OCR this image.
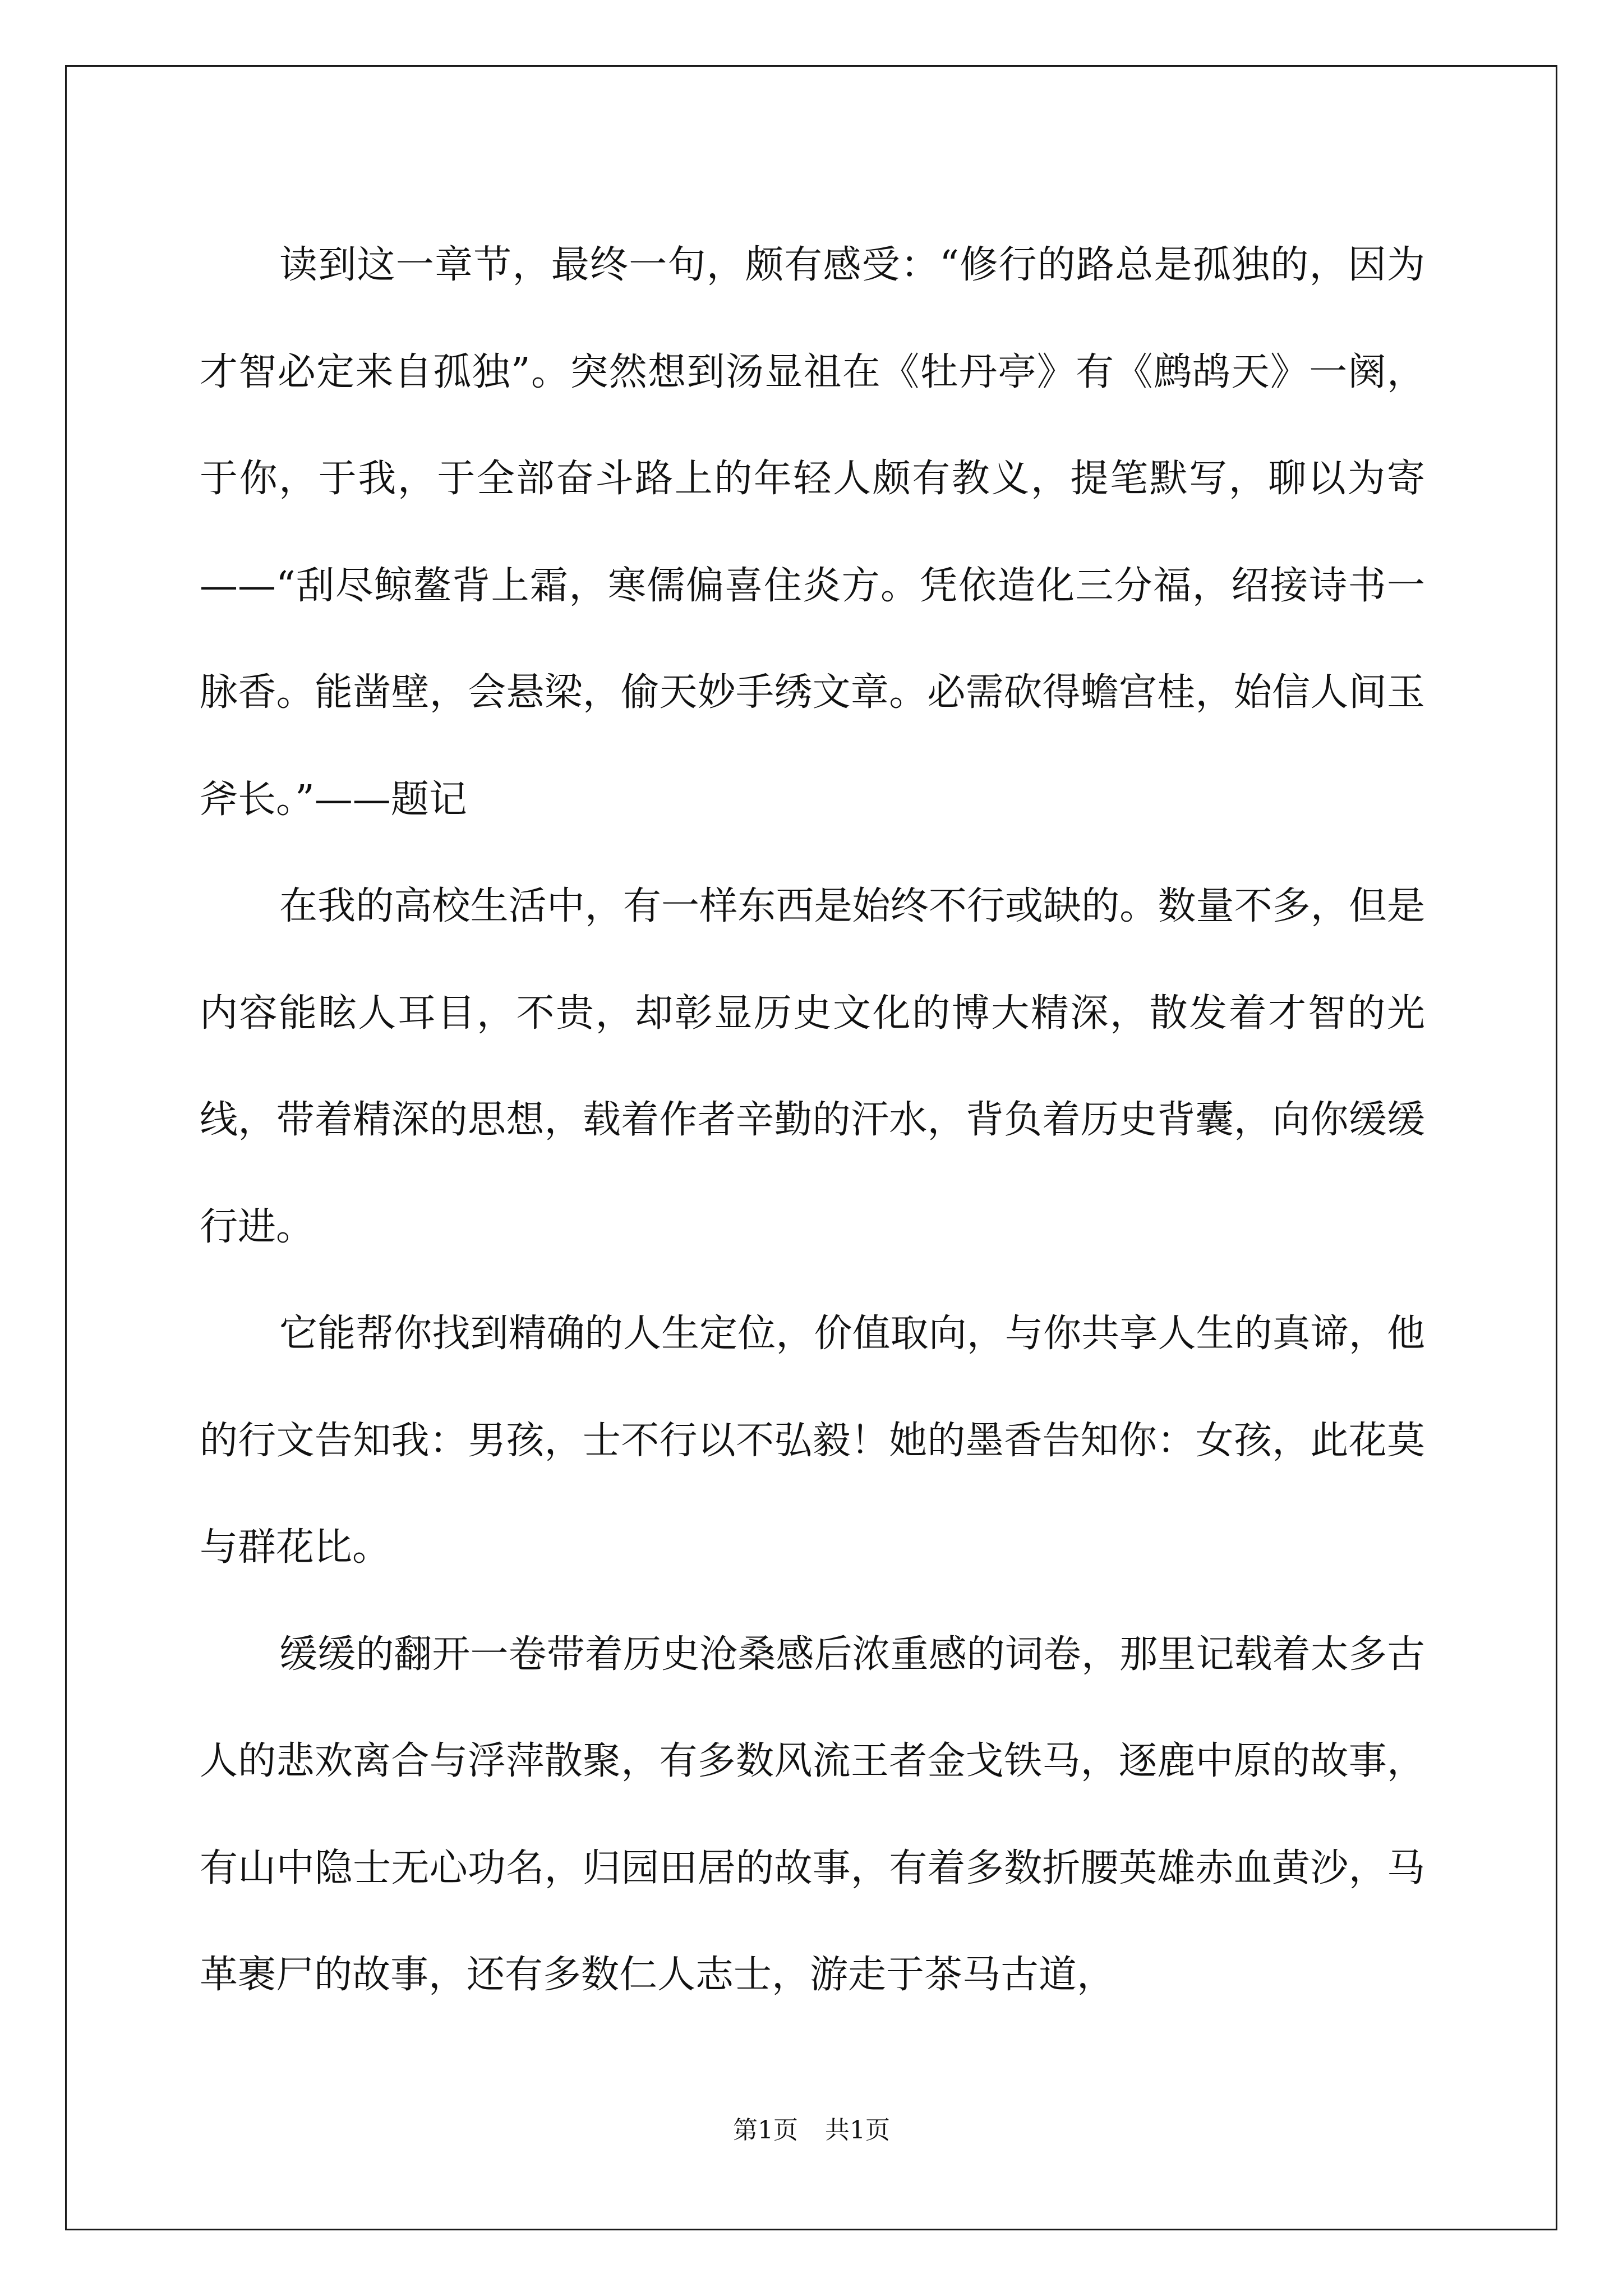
读到这一章节，最终一句，颇有感受：“修行的路总是孤独的，因为才智必定来自孤独”。突然想到汤显祖在《牡丹亭》有《鹧鸪天》一阕，于你，于我，于全部奋斗路上的年轻人颇有教义，提笔默写，聊以为寄——“刮尽鲸鳌背上霜，寒儒偏喜住炎方。凭依造化三分福，绍接诗书一脉香。能凿壁，会悬梁，偷天妙手绣文章。必需砍得蟾宫桂，始信人间玉斧长。”——题记

在我的高校生活中，有一样东西是始终不行或缺的。数量不多，但是内容能眩人耳目，不贵，却彰显历史文化的博大精深，散发着才智的光线，带着精深的思想，载着作者辛勤的汗水，背负着历史背囊，向你缓缓行进。

它能帮你找到精确的人生定位，价值取向，与你共享人生的真谛，他的行文告知我：男孩，士不行以不弘毅！她的墨香告知你：女孩，此花莫与群花比。

缓缓的翻开一卷带着历史沧桑感后浓重感的词卷，那里记载着太多古人的悲欢离合与浮萍散聚，有多数风流王者金戈铁马，逐鹿中原的故事，有山中隐士无心功名，归园田居的故事，有着多数折腰英雄赤血黄沙，马革裹尸的故事，还有多数仁人志士，游走于茶马古道，

第1页 共1页
